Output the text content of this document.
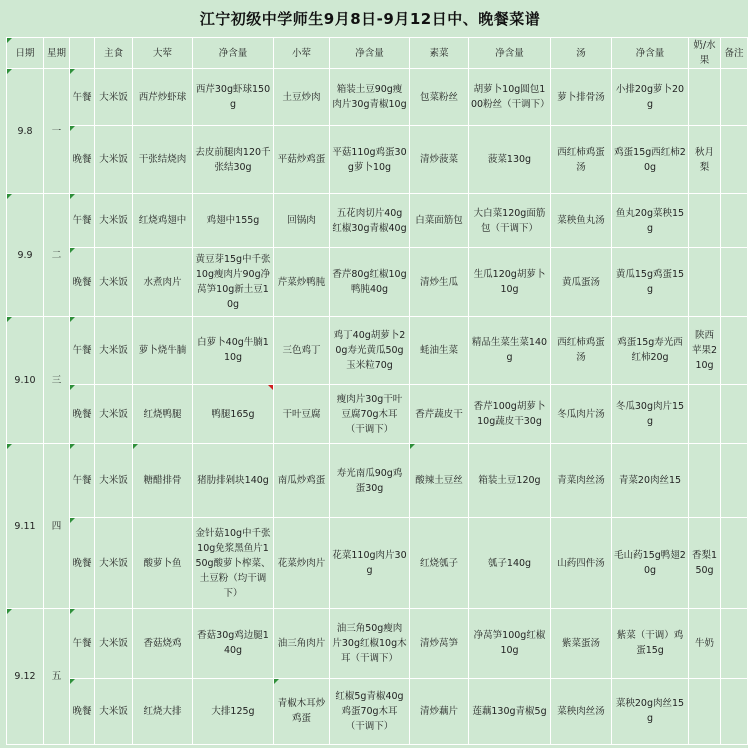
江宁初级中学师生9月8日-9月12日中、晚餐菜谱
日期	星期		主食	大荤	净含量	小荤	净含量	素菜	净含量	汤	净含量	奶/水果	备注
9.8	一	午餐	大米饭	西芹炒虾球	西芹30g虾球150g	土豆炒肉	箱装土豆90g瘦肉片30g青椒10g	包菜粉丝	胡萝卜10g圆包100粉丝（干调下）	萝卜排骨汤	小排20g萝卜20g		
		晚餐	大米饭	干张结烧肉	去皮前腿肉120千张结30g	平菇炒鸡蛋	平菇110g鸡蛋30g萝卜10g	清炒菠菜	菠菜130g	西红柿鸡蛋汤	鸡蛋15g西红柿20g	秋月梨	
9.9	二	午餐	大米饭	红烧鸡翅中	鸡翅中155g	回锅肉	五花肉切片40g红椒30g青椒40g	白菜面筋包	大白菜120g面筋包（干调下）	菜秧鱼丸汤	鱼丸20g菜秧15g		
		晚餐	大米饭	水煮肉片	黄豆芽15g中千张10g瘦肉片90g净莴笋10g新土豆10g	芹菜炒鸭肫	香芹80g红椒10g鸭肫40g	清炒生瓜	生瓜120g胡萝卜10g	黄瓜蛋汤	黄瓜15g鸡蛋15g		
9.10	三	午餐	大米饭	萝卜烧牛腩	白萝卜40g牛腩110g	三色鸡丁	鸡丁40g胡萝卜20g寿光黄瓜50g玉米粒70g	蚝油生菜	精品生菜生菜140g	西红柿鸡蛋汤	鸡蛋15g寿光西红柿20g	陕西苹果210g	
		晚餐	大米饭	红烧鸭腿	鸭腿165g	干叶豆腐	瘦肉片30g干叶豆腐70g木耳（干调下）	香芹蔬皮干	香芹100g胡萝卜10g蔬皮干30g	冬瓜肉片汤	冬瓜30g肉片15g		
9.11	四	午餐	大米饭	糖醋排骨	猪肋排剁块140g	南瓜炒鸡蛋	寿光南瓜90g鸡蛋30g	酸辣土豆丝	箱装土豆120g	青菜肉丝汤	青菜20肉丝15		
		晚餐	大米饭	酸萝卜鱼	金针菇10g中千张10g免浆黑鱼片150g酸萝卜榨菜、土豆粉（均干调下）	花菜炒肉片	花菜110g肉片30g	红烧瓠子	瓠子140g	山药四件汤	毛山药15g鸭翅20g	香梨150g	
9.12	五	午餐	大米饭	香菇烧鸡	香菇30g鸡边腿140g	油三角肉片	油三角50g瘦肉片30g红椒10g木耳（干调下）	清炒莴笋	净莴笋100g红椒10g	紫菜蛋汤	紫菜（干调）鸡蛋15g	牛奶	
		晚餐	大米饭	红烧大排	大排125g	青椒木耳炒鸡蛋	红椒5g青椒40g鸡蛋70g木耳（干调下）	清炒藕片	莲藕130g青椒5g	菜秧肉丝汤	菜秧20g肉丝15g		
